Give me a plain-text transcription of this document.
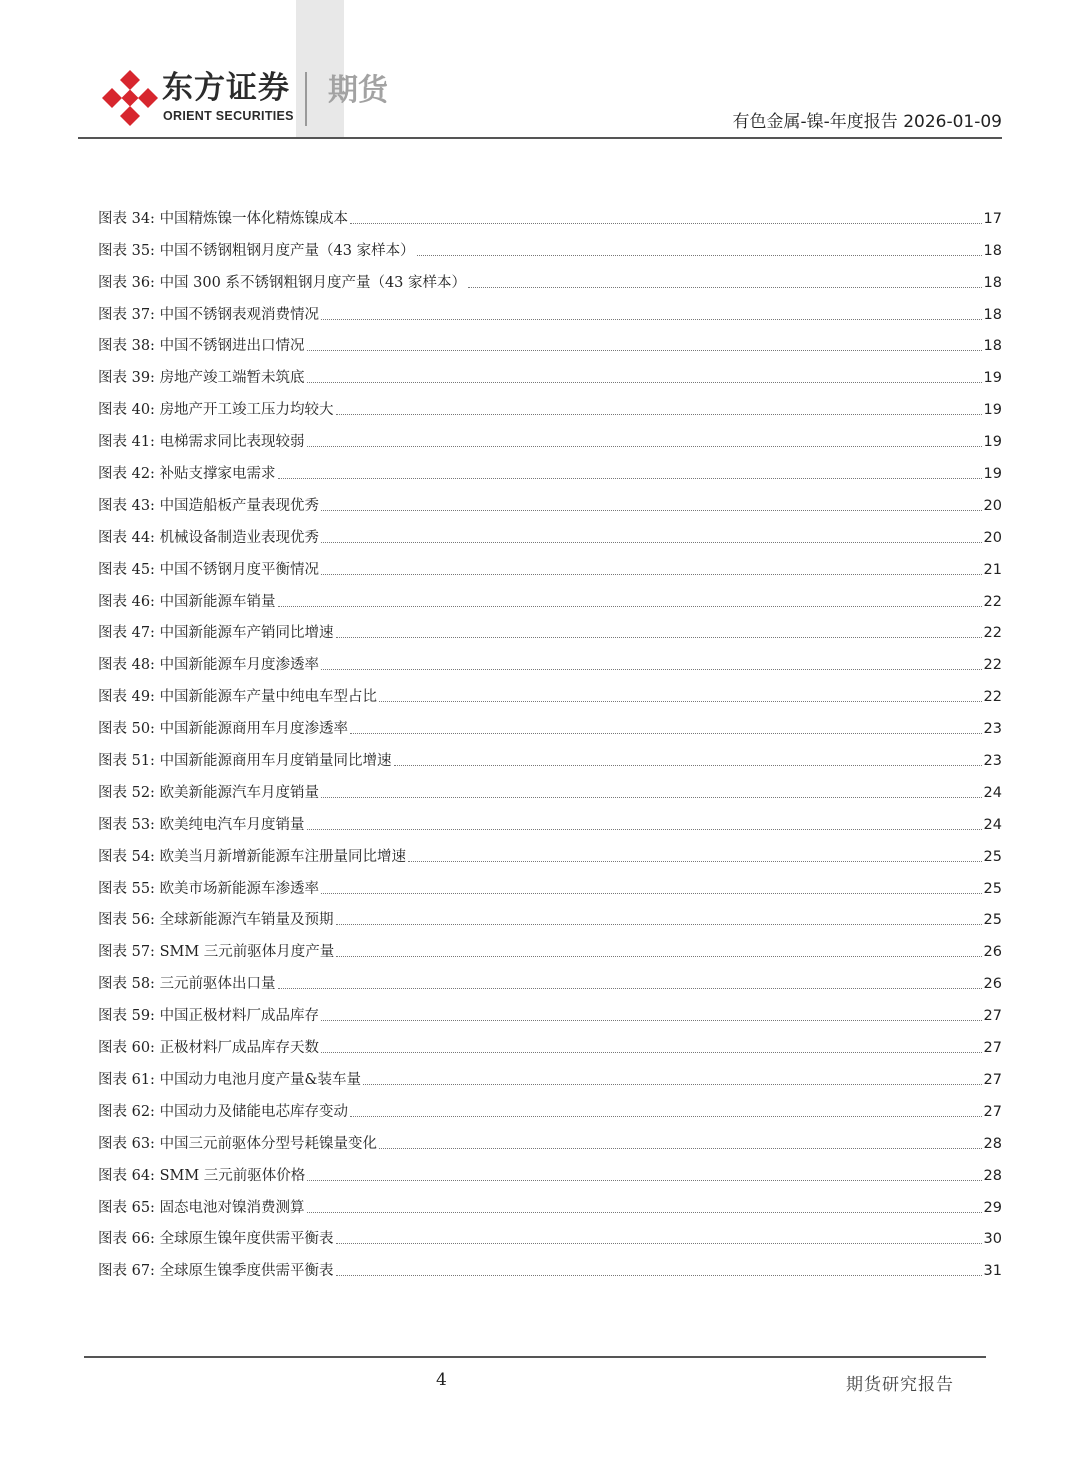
东方证券
ORIENT SECURITIES
期货
有色金属-镍-年度报告 2026-01-09
图表 34:
中国精炼镍一体化精炼镍成本	17
图表 35:
中国不锈钢粗钢月度产量（43 家样本）	18
图表 36:
中国 300 系不锈钢粗钢月度产量（43 家样本）	18
图表 37:
中国不锈钢表观消费情况	18
图表 38:
中国不锈钢进出口情况	18
图表 39:
房地产竣工端暂未筑底	19
图表 40:
房地产开工竣工压力均较大	19
图表 41:
电梯需求同比表现较弱	19
图表 42:
补贴支撑家电需求	19
图表 43:
中国造船板产量表现优秀	20
图表 44:
机械设备制造业表现优秀	20
图表 45:
中国不锈钢月度平衡情况	21
图表 46:
中国新能源车销量	22
图表 47:
中国新能源车产销同比增速	22
图表 48:
中国新能源车月度渗透率	22
图表 49:
中国新能源车产量中纯电车型占比	22
图表 50:
中国新能源商用车月度渗透率	23
图表 51:
中国新能源商用车月度销量同比增速	23
图表 52:
欧美新能源汽车月度销量	24
图表 53:
欧美纯电汽车月度销量	24
图表 54:
欧美当月新增新能源车注册量同比增速	25
图表 55:
欧美市场新能源车渗透率	25
图表 56:
全球新能源汽车销量及预期	25
图表 57:
SMM 三元前驱体月度产量	26
图表 58:
三元前驱体出口量	26
图表 59:
中国正极材料厂成品库存	27
图表 60:
正极材料厂成品库存天数	27
图表 61:
中国动力电池月度产量&装车量	27
图表 62:
中国动力及储能电芯库存变动	27
图表 63:
中国三元前驱体分型号耗镍量变化	28
图表 64:
SMM 三元前驱体价格	28
图表 65:
固态电池对镍消费测算	29
图表 66:
全球原生镍年度供需平衡表	30
图表 67:
全球原生镍季度供需平衡表	31
4	期货研究报告
